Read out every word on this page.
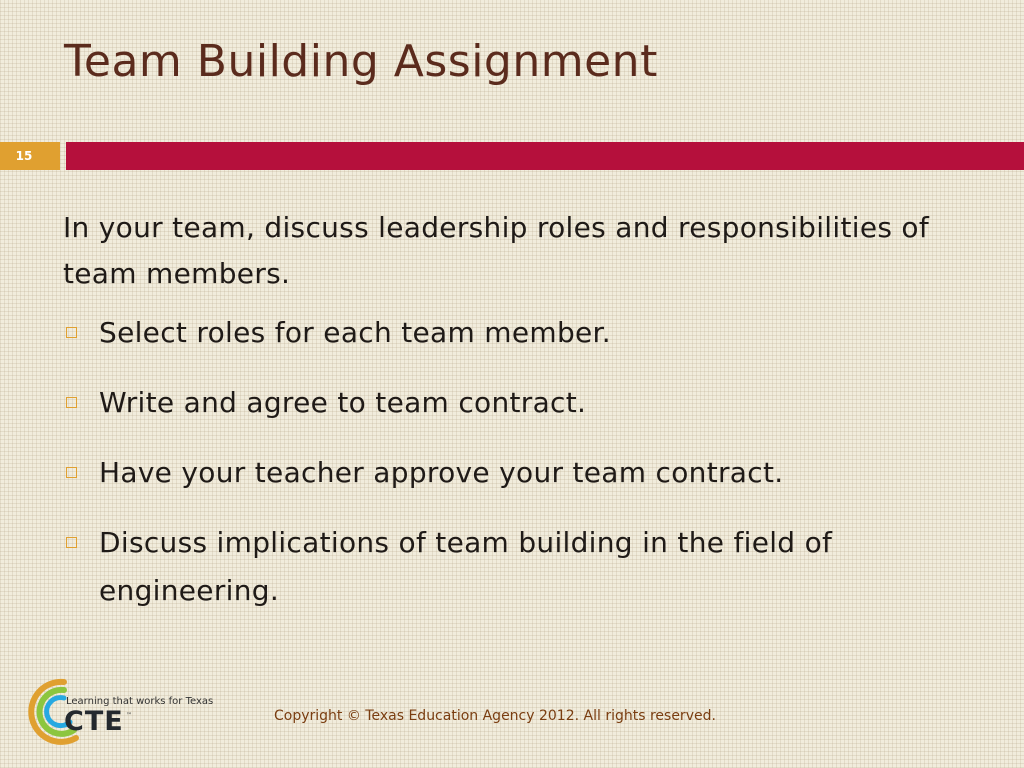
Team Building Assignment
15

In your team, discuss leadership roles and responsibilities of team members.

Select roles for each team member.
Write and agree to team contract.
Have your teacher approve your team contract.
Discuss implications of team building in the field of engineering.
Learning that works for Texas
CTE ™	Copyright © Texas Education Agency 2012. All rights reserved.
